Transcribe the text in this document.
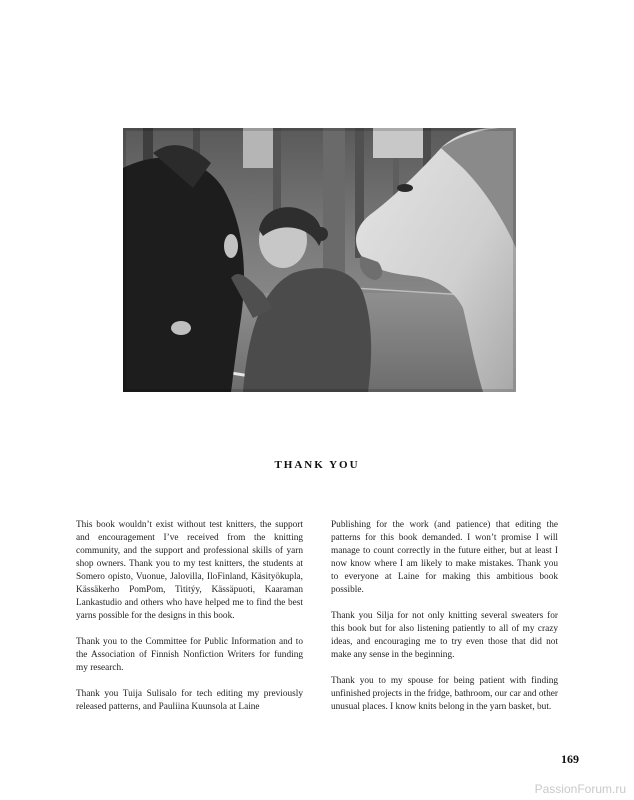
THANK YOU

This book wouldn’t exist without test knitters, the support and encouragement I’ve received from the knitting community, and the support and professional skills of yarn shop owners. Thank you to my test knitters, the students at Somero opisto, Vuonue, Jalovilla, IloFinland, Käsityökupla, Kässäkerho PomPom, Tititýy, Kässäpuoti, Kaaraman Lankastudio and others who have helped me to find the best yarns possible for the designs in this book.

Thank you to the Committee for Public Information and to the Association of Finnish Nonfiction Writers for funding my research.

Thank you Tuija Sulisalo for tech editing my previously released patterns, and Pauliina Kuunsola at Laine

Publishing for the work (and patience) that editing the patterns for this book demanded. I won’t promise I will manage to count correctly in the future either, but at least I now know where I am likely to make mistakes. Thank you to everyone at Laine for making this ambitious book possible.

Thank you Silja for not only knitting several sweaters for this book but for also listening patiently to all of my crazy ideas, and encouraging me to try even those that did not make any sense in the beginning.

Thank you to my spouse for being patient with finding unfinished projects in the fridge, bathroom, our car and other unusual places. I know knits belong in the yarn basket, but.

169
PassionForum.ru
